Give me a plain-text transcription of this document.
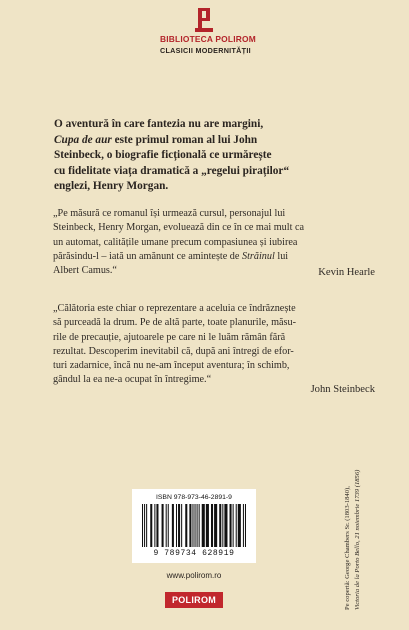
BIBLIOTECA POLIROM
CLASICII MODERNITĂȚII
O aventură în care fantezia nu are margini,
Cupa de aur este primul roman al lui John
Steinbeck, o biografie ficțională ce urmărește
cu fidelitate viața dramatică a „regelui piraților“
englezi, Henry Morgan.
„Pe măsură ce romanul își urmează cursul, personajul lui
Steinbeck, Henry Morgan, evoluează din ce în ce mai mult ca
un automat, calitățile umane precum compasiunea și iubirea
părăsindu-l – iată un amănunt ce amintește de Străinul lui
Albert Camus.“	Kevin Hearle
„Călătoria este chiar o reprezentare a aceluia ce îndrăznește
să purceadă la drum. Pe de altă parte, toate planurile, măsu-
rile de precauție, ajutoarele pe care ni le luăm rămân fără
rezultat. Descoperim inevitabil că, după ani întregi de efor-
turi zadarnice, încă nu ne-am început aventura; în schimb,
gândul la ea ne-a ocupat în întregime.“
John Steinbeck
ISBN 978-973-46-2891-9
9 789734 628919
www.polirom.ro
POLIROM	Pe copertă: George Chambers Sr. (1803-1840), Victoria de la Porto Bello, 21 noiembrie 1739 (1856)
